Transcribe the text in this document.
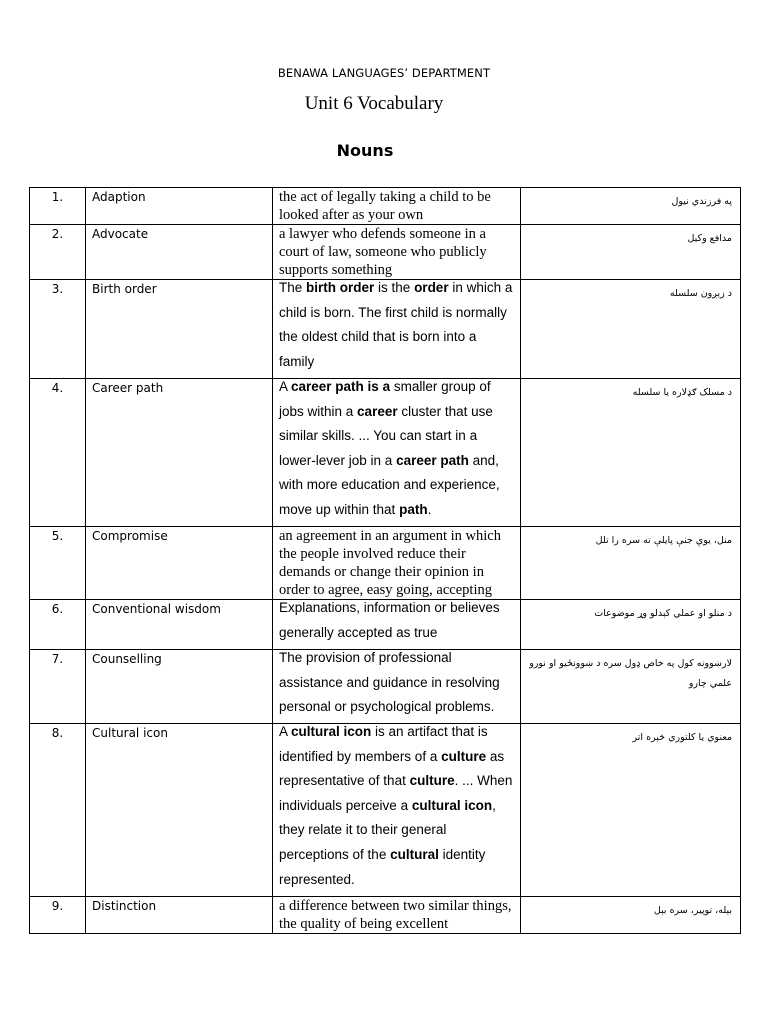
BENAWA LANGUAGES’ DEPARTMENT
Unit 6 Vocabulary
Nouns
1.	Adaption	the act of legally taking a child to be looked after as your own	په فرزندي نیول
2.	Advocate	a lawyer who defends someone in a court of law, someone who publicly supports something	مدافع وکیل
3.	Birth order	The birth order is the order in which a child is born. The first child is normally the oldest child that is born into a family	د زېږون سلسله
4.	Career path	A career path is a smaller group of jobs within a career cluster that use similar skills. ... You can start in a lower-lever job in a career path and, with more education and experience, move up within that path.	د مسلک ګډلاره یا سلسله
5.	Compromise	an agreement in an argument in which the people involved reduce their demands or change their opinion in order to agree, easy going, accepting	منل، یوې جنې پایلې ته سره را تلل
6.	Conventional wisdom	Explanations, information or believes generally accepted as true	د منلو او عملي کېدلو وړ موضوعات
7.	Counselling	The provision of professional assistance and guidance in resolving personal or psychological problems.	لارښوونه کول په خاص ډول سره د ښوونځیو او نورو علمي چارو
8.	Cultural icon	A cultural icon is an artifact that is identified by members of a culture as representative of that culture. ... When individuals perceive a cultural icon, they relate it to their general perceptions of the cultural identity represented.	معنوي یا کلتوري څېره اتر
9.	Distinction	a difference between two similar things, the quality of being excellent	بېله، توپیر، سره بېل
